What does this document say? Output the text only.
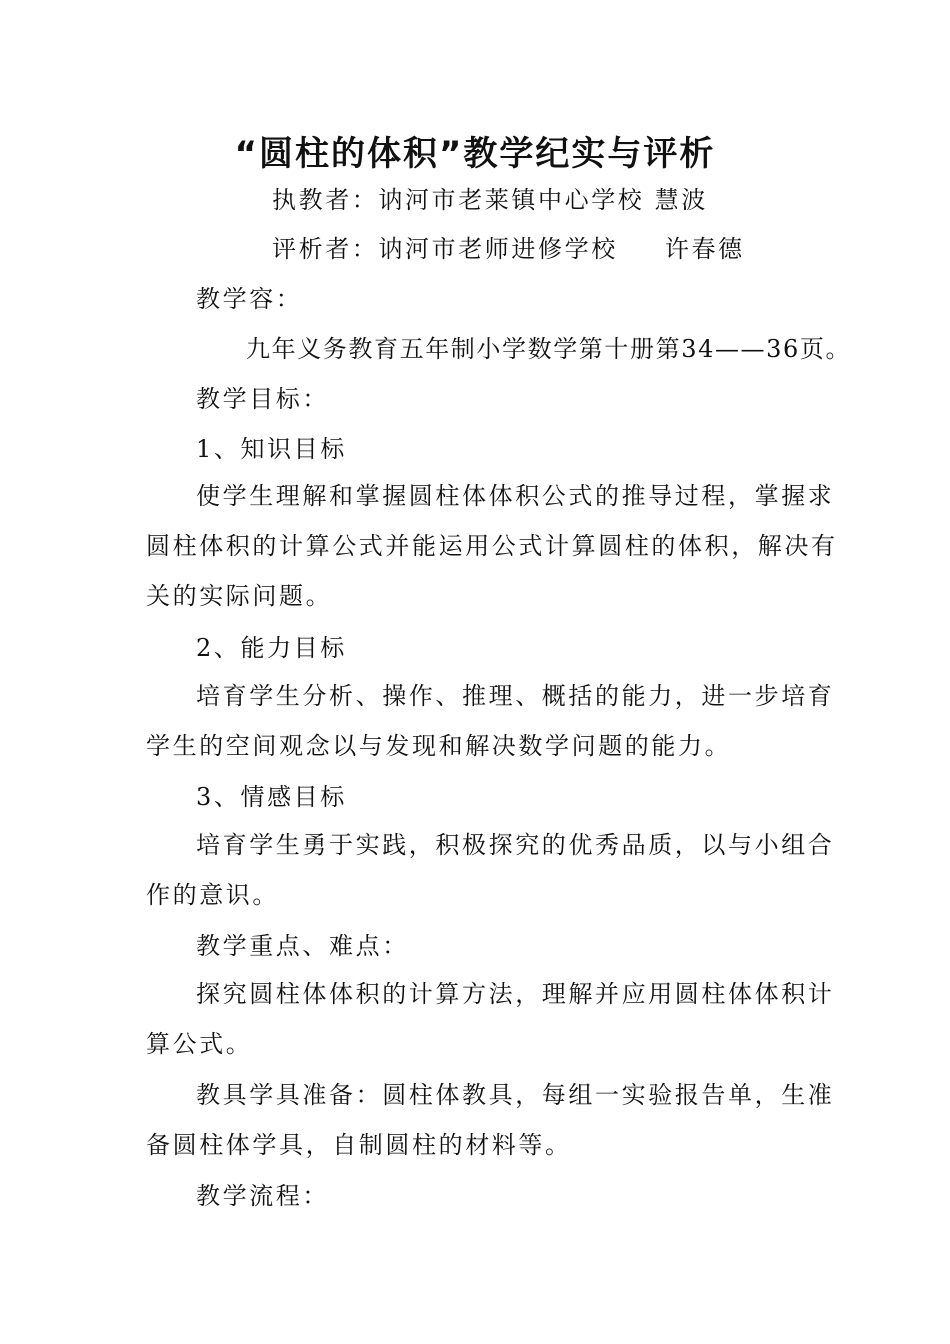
“圆柱的体积”教学纪实与评析
执教者：讷河市老莱镇中心学校 慧波
评析者：讷河市老师进修学校 　 许春德
教学容：
九年义务教育五年制小学数学第十册第34——36页。
教学目标：
1、知识目标
使学生理解和掌握圆柱体体积公式的推导过程，掌握求圆柱体积的计算公式并能运用公式计算圆柱的体积，解决有关的实际问题。
2、能力目标
培育学生分析、操作、推理、概括的能力，进一步培育学生的空间观念以与发现和解决数学问题的能力。
3、情感目标
培育学生勇于实践，积极探究的优秀品质，以与小组合作的意识。
教学重点、难点：
探究圆柱体体积的计算方法，理解并应用圆柱体体积计算公式。
教具学具准备：圆柱体教具，每组一实验报告单，生准备圆柱体学具，自制圆柱的材料等。
教学流程：
